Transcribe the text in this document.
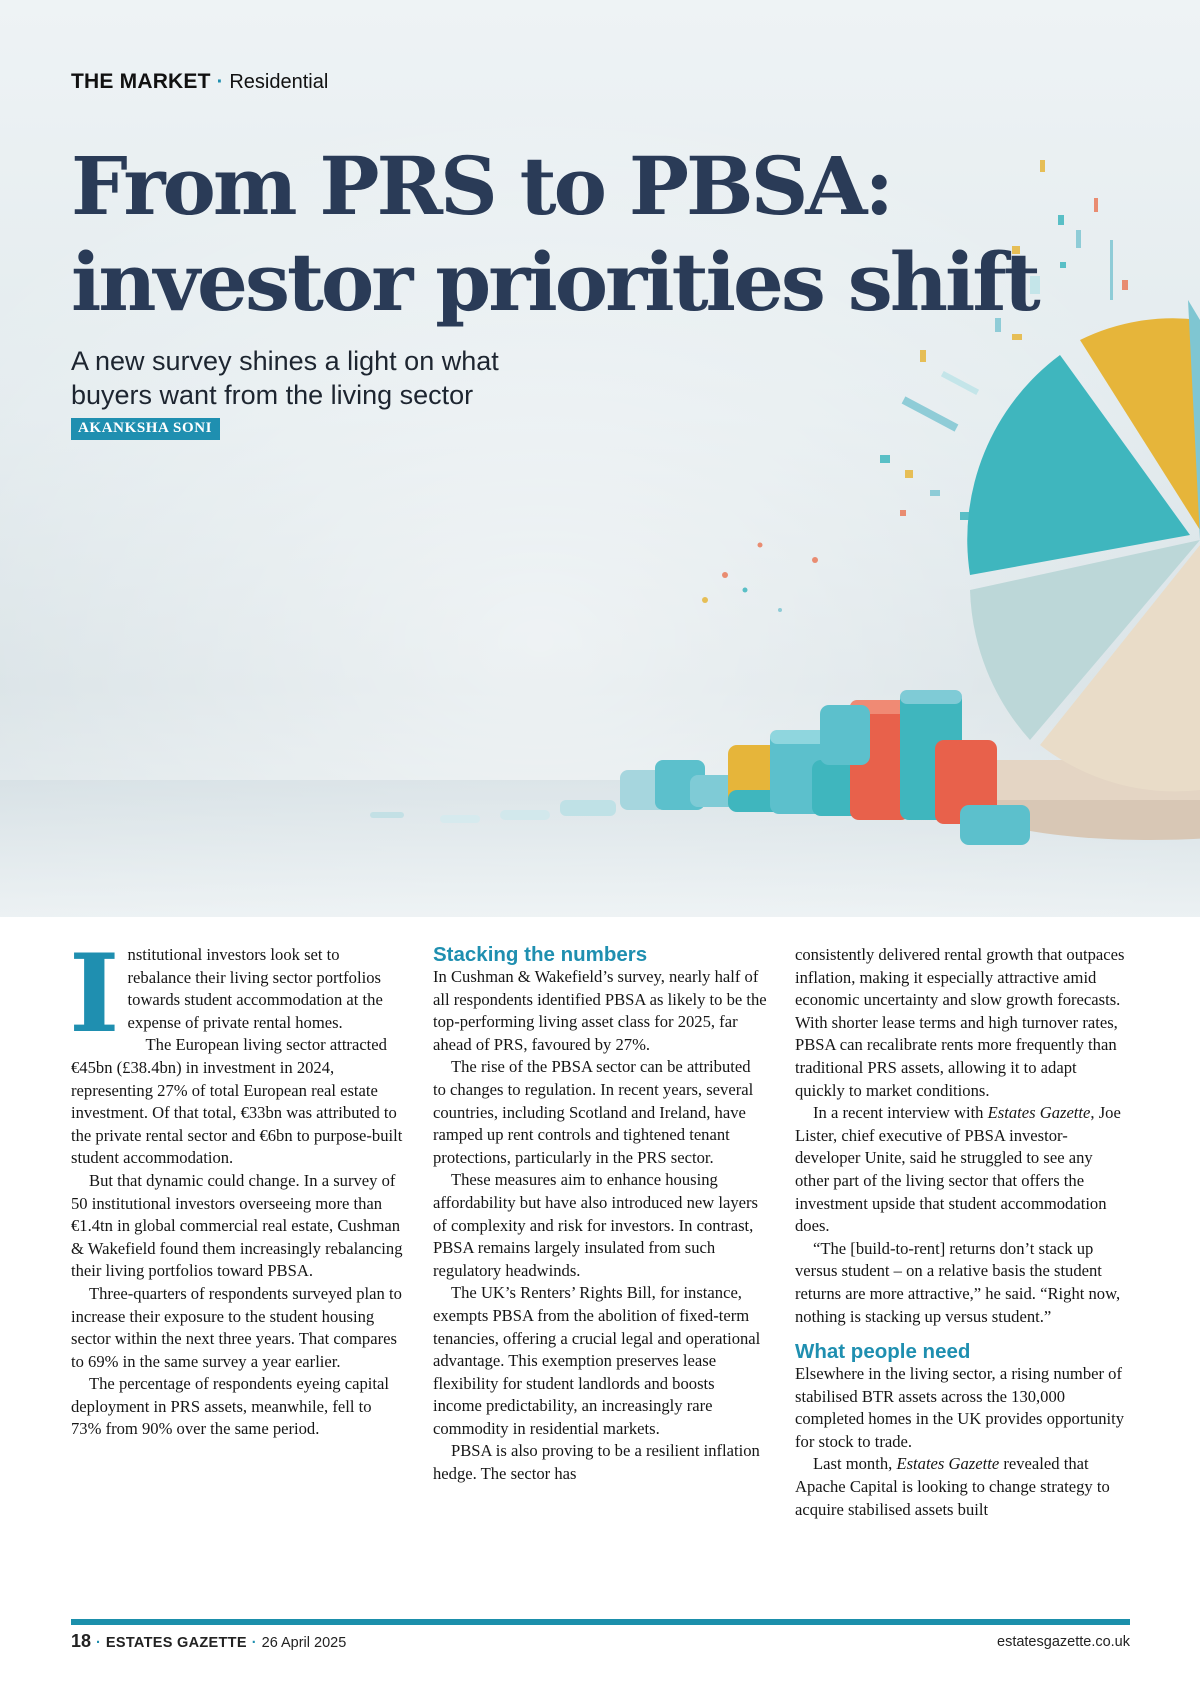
THE MARKET · Residential
From PRS to PBSA:
investor priorities shift

A new survey shines a light on what
buyers want from the living sector

AKANKSHA SONI
I nstitutional investors look set to rebalance their living sector portfolios towards student accommodation at the expense of private rental homes.

The European living sector attracted €45bn (£38.4bn) in investment in 2024, representing 27% of total European real estate investment. Of that total, €33bn was attributed to the private rental sector and €6bn to purpose-built student accommodation.

But that dynamic could change. In a survey of 50 institutional investors overseeing more than €1.4tn in global commercial real estate, Cushman & Wakefield found them increasingly rebalancing their living portfolios toward PBSA.

Three-quarters of respondents surveyed plan to increase their exposure to the student housing sector within the next three years. That compares to 69% in the same survey a year earlier.

The percentage of respondents eyeing capital deployment in PRS assets, meanwhile, fell to 73% from 90% over the same period.

Stacking the numbers

In Cushman & Wakefield’s survey, nearly half of all respondents identified PBSA as likely to be the top-performing living asset class for 2025, far ahead of PRS, favoured by 27%.

The rise of the PBSA sector can be attributed to changes to regulation. In recent years, several countries, including Scotland and Ireland, have ramped up rent controls and tightened tenant protections, particularly in the PRS sector.

These measures aim to enhance housing affordability but have also introduced new layers of complexity and risk for investors. In contrast, PBSA remains largely insulated from such regulatory headwinds.

The UK’s Renters’ Rights Bill, for instance, exempts PBSA from the abolition of fixed-term tenancies, offering a crucial legal and operational advantage. This exemption preserves lease flexibility for student landlords and boosts income predictability, an increasingly rare commodity in residential markets.

PBSA is also proving to be a resilient inflation hedge. The sector has

consistently delivered rental growth that outpaces inflation, making it especially attractive amid economic uncertainty and slow growth forecasts. With shorter lease terms and high turnover rates, PBSA can recalibrate rents more frequently than traditional PRS assets, allowing it to adapt quickly to market conditions.

In a recent interview with Estates Gazette, Joe Lister, chief executive of PBSA investor-developer Unite, said he struggled to see any other part of the living sector that offers the investment upside that student accommodation does.

“The [build-to-rent] returns don’t stack up versus student – on a relative basis the student returns are more attractive,” he said. “Right now, nothing is stacking up versus student.”

What people need

Elsewhere in the living sector, a rising number of stabilised BTR assets across the 130,000 completed homes in the UK provides opportunity for stock to trade.

Last month, Estates Gazette revealed that Apache Capital is looking to change strategy to acquire stabilised assets built

18 · ESTATES GAZETTE · 26 April 2025	estatesgazette.co.uk
